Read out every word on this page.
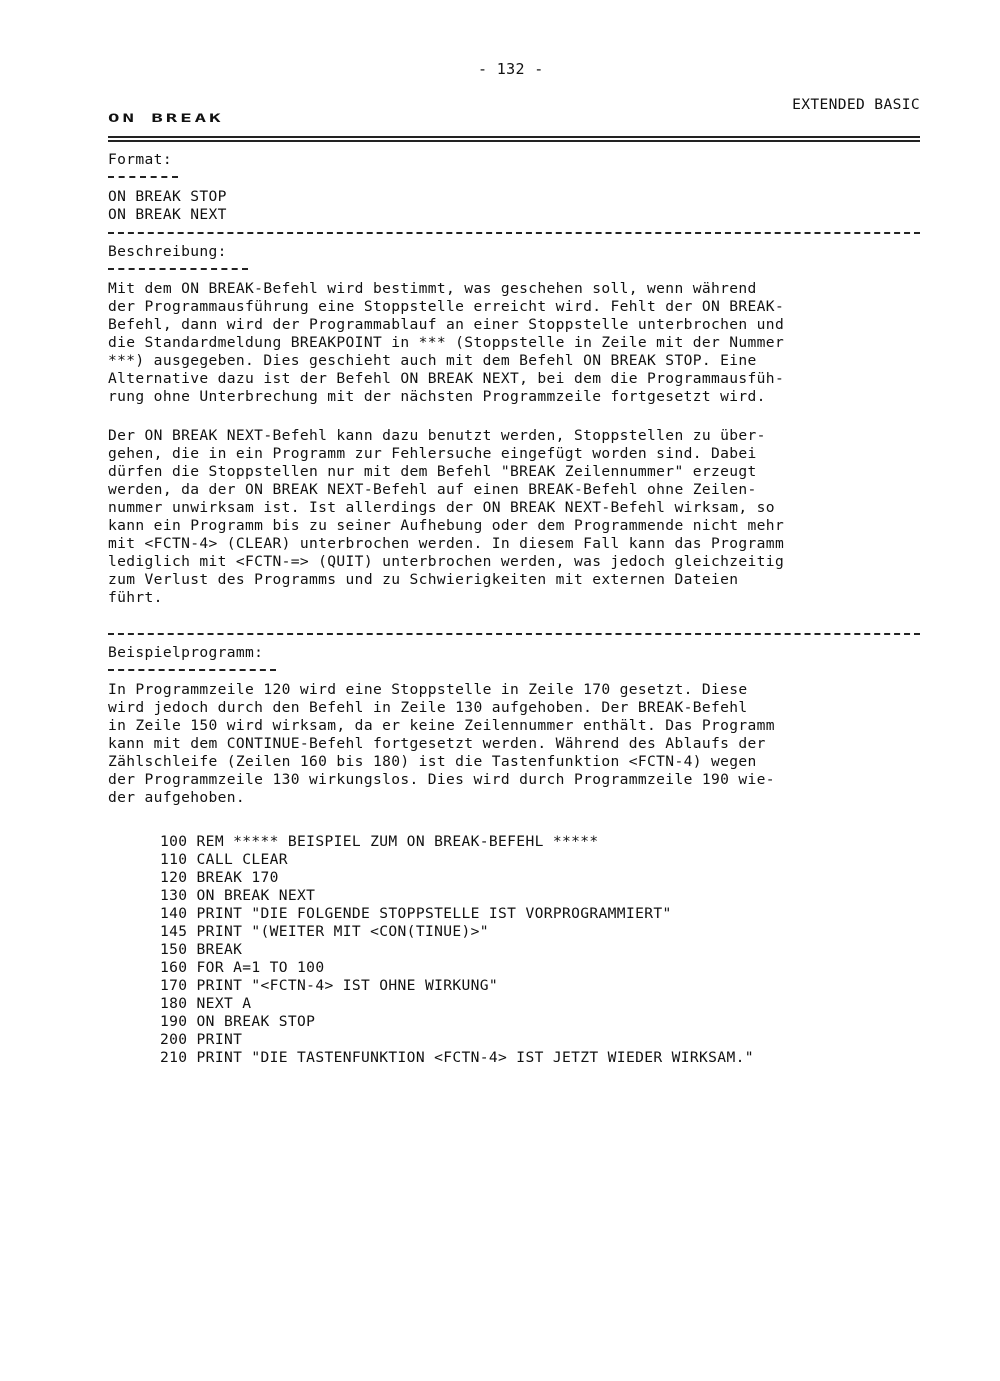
- 132 -

EXTENDED BASIC

ON BREAK

Format:

ON BREAK STOP

ON BREAK NEXT

Beschreibung:

Mit dem ON BREAK-Befehl wird bestimmt, was geschehen soll, wenn während

der Programmausführung eine Stoppstelle erreicht wird. Fehlt der ON BREAK-

Befehl, dann wird der Programmablauf an einer Stoppstelle unterbrochen und

die Standardmeldung BREAKPOINT in *** (Stoppstelle in Zeile mit der Nummer

***) ausgegeben. Dies geschieht auch mit dem Befehl ON BREAK STOP. Eine

Alternative dazu ist der Befehl ON BREAK NEXT, bei dem die Programmausfüh-

rung ohne Unterbrechung mit der nächsten Programmzeile fortgesetzt wird.

Der ON BREAK NEXT-Befehl kann dazu benutzt werden, Stoppstellen zu über-

gehen, die in ein Programm zur Fehlersuche eingefügt worden sind. Dabei

dürfen die Stoppstellen nur mit dem Befehl "BREAK Zeilennummer" erzeugt

werden, da der ON BREAK NEXT-Befehl auf einen BREAK-Befehl ohne Zeilen-

nummer unwirksam ist. Ist allerdings der ON BREAK NEXT-Befehl wirksam, so

kann ein Programm bis zu seiner Aufhebung oder dem Programmende nicht mehr

mit <FCTN-4> (CLEAR) unterbrochen werden. In diesem Fall kann das Programm

lediglich mit <FCTN-=> (QUIT) unterbrochen werden, was jedoch gleichzeitig

zum Verlust des Programms und zu Schwierigkeiten mit externen Dateien

führt.

Beispielprogramm:

In Programmzeile 120 wird eine Stoppstelle in Zeile 170 gesetzt. Diese

wird jedoch durch den Befehl in Zeile 130 aufgehoben. Der BREAK-Befehl

in Zeile 150 wird wirksam, da er keine Zeilennummer enthält. Das Programm

kann mit dem CONTINUE-Befehl fortgesetzt werden. Während des Ablaufs der

Zählschleife (Zeilen 160 bis 180) ist die Tastenfunktion <FCTN-4) wegen

der Programmzeile 130 wirkungslos. Dies wird durch Programmzeile 190 wie-

der aufgehoben.

100 REM ***** BEISPIEL ZUM ON BREAK-BEFEHL *****

110 CALL CLEAR

120 BREAK 170

130 ON BREAK NEXT

140 PRINT "DIE FOLGENDE STOPPSTELLE IST VORPROGRAMMIERT"

145 PRINT "(WEITER MIT <CON(TINUE)>"

150 BREAK

160 FOR A=1 TO 100

170 PRINT "<FCTN-4> IST OHNE WIRKUNG"

180 NEXT A

190 ON BREAK STOP

200 PRINT

210 PRINT "DIE TASTENFUNKTION <FCTN-4> IST JETZT WIEDER WIRKSAM."
